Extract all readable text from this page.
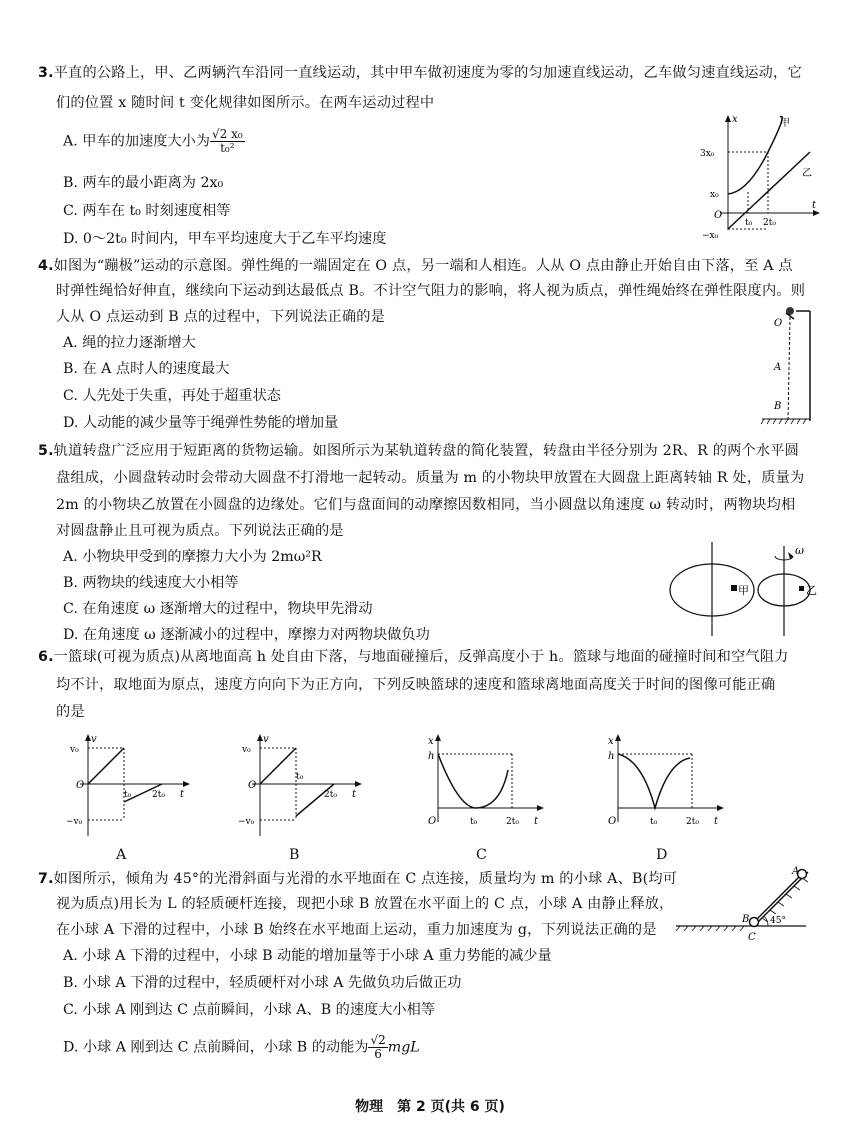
3.平直的公路上，甲、乙两辆汽车沿同一直线运动，其中甲车做初速度为零的匀加速直线运动，乙车做匀速直线运动，它
们的位置 x 随时间 t 变化规律如图所示。在两车运动过程中
A. 甲车的加速度大小为 $\frac{\text{√2 x₀}}{\text{t₀²}}$
B. 两车的最小距离为 2x₀
C. 两车在 t₀ 时刻速度相等
D. 0～2t₀ 时间内，甲车平均速度大于乙车平均速度
x
t
3x₀
x₀
O
−x₀
t₀ 2t₀
甲
乙
4.如图为“蹦极”运动的示意图。弹性绳的一端固定在 O 点，另一端和人相连。人从 O 点由静止开始自由下落，至 A 点
时弹性绳恰好伸直，继续向下运动到达最低点 B。不计空气阻力的影响，将人视为质点，弹性绳始终在弹性限度内。则
人从 O 点运动到 B 点的过程中，下列说法正确的是
A. 绳的拉力逐渐增大
B. 在 A 点时人的速度最大
C. 人先处于失重，再处于超重状态
D. 人动能的减少量等于绳弹性势能的增加量
O
A
B
5.轨道转盘广泛应用于短距离的货物运输。如图所示为某轨道转盘的简化装置，转盘由半径分别为 2R、R 的两个水平圆
盘组成，小圆盘转动时会带动大圆盘不打滑地一起转动。质量为 m 的小物块甲放置在大圆盘上距离转轴 R 处，质量为
2m 的小物块乙放置在小圆盘的边缘处。它们与盘面间的动摩擦因数相同，当小圆盘以角速度 ω 转动时，两物块均相
对圆盘静止且可视为质点。下列说法正确的是
A. 小物块甲受到的摩擦力大小为 2mω²R
B. 两物块的线速度大小相等
C. 在角速度 ω 逐渐增大的过程中，物块甲先滑动
D. 在角速度 ω 逐渐减小的过程中，摩擦力对两物块做负功
ω
甲	乙
6.一篮球(可视为质点)从离地面高 h 处自由下落，与地面碰撞后，反弹高度小于 h。篮球与地面的碰撞时间和空气阻力
均不计，取地面为原点，速度方向向下为正方向，下列反映篮球的速度和篮球离地面高度关于时间的图像可能正确
的是
v
v₀
O
−v₀
t₀ 2t₀ t
A
v
v₀
O
−v₀
t₀
2t₀ t
B
x
h
O	t₀	2t₀ t
C
x
h
O	t₀	2t₀ t
D
7.如图所示，倾角为 45°的光滑斜面与光滑的水平地面在 C 点连接，质量均为 m 的小球 A、B(均可
视为质点)用长为 L 的轻质硬杆连接，现把小球 B 放置在水平面上的 C 点，小球 A 由静止释放，
在小球 A 下滑的过程中，小球 B 始终在水平地面上运动，重力加速度为 g，下列说法正确的是
A. 小球 A 下滑的过程中，小球 B 动能的增加量等于小球 A 重力势能的减少量
B. 小球 A 下滑的过程中，轻质硬杆对小球 A 先做负功后做正功
C. 小球 A 刚到达 C 点前瞬间，小球 A、B 的速度大小相等
D. 小球 A 刚到达 C 点前瞬间，小球 B 的动能为 $\frac{√2}{6}$ mgL
A
B
C
45°
物理　第 2 页(共 6 页)
